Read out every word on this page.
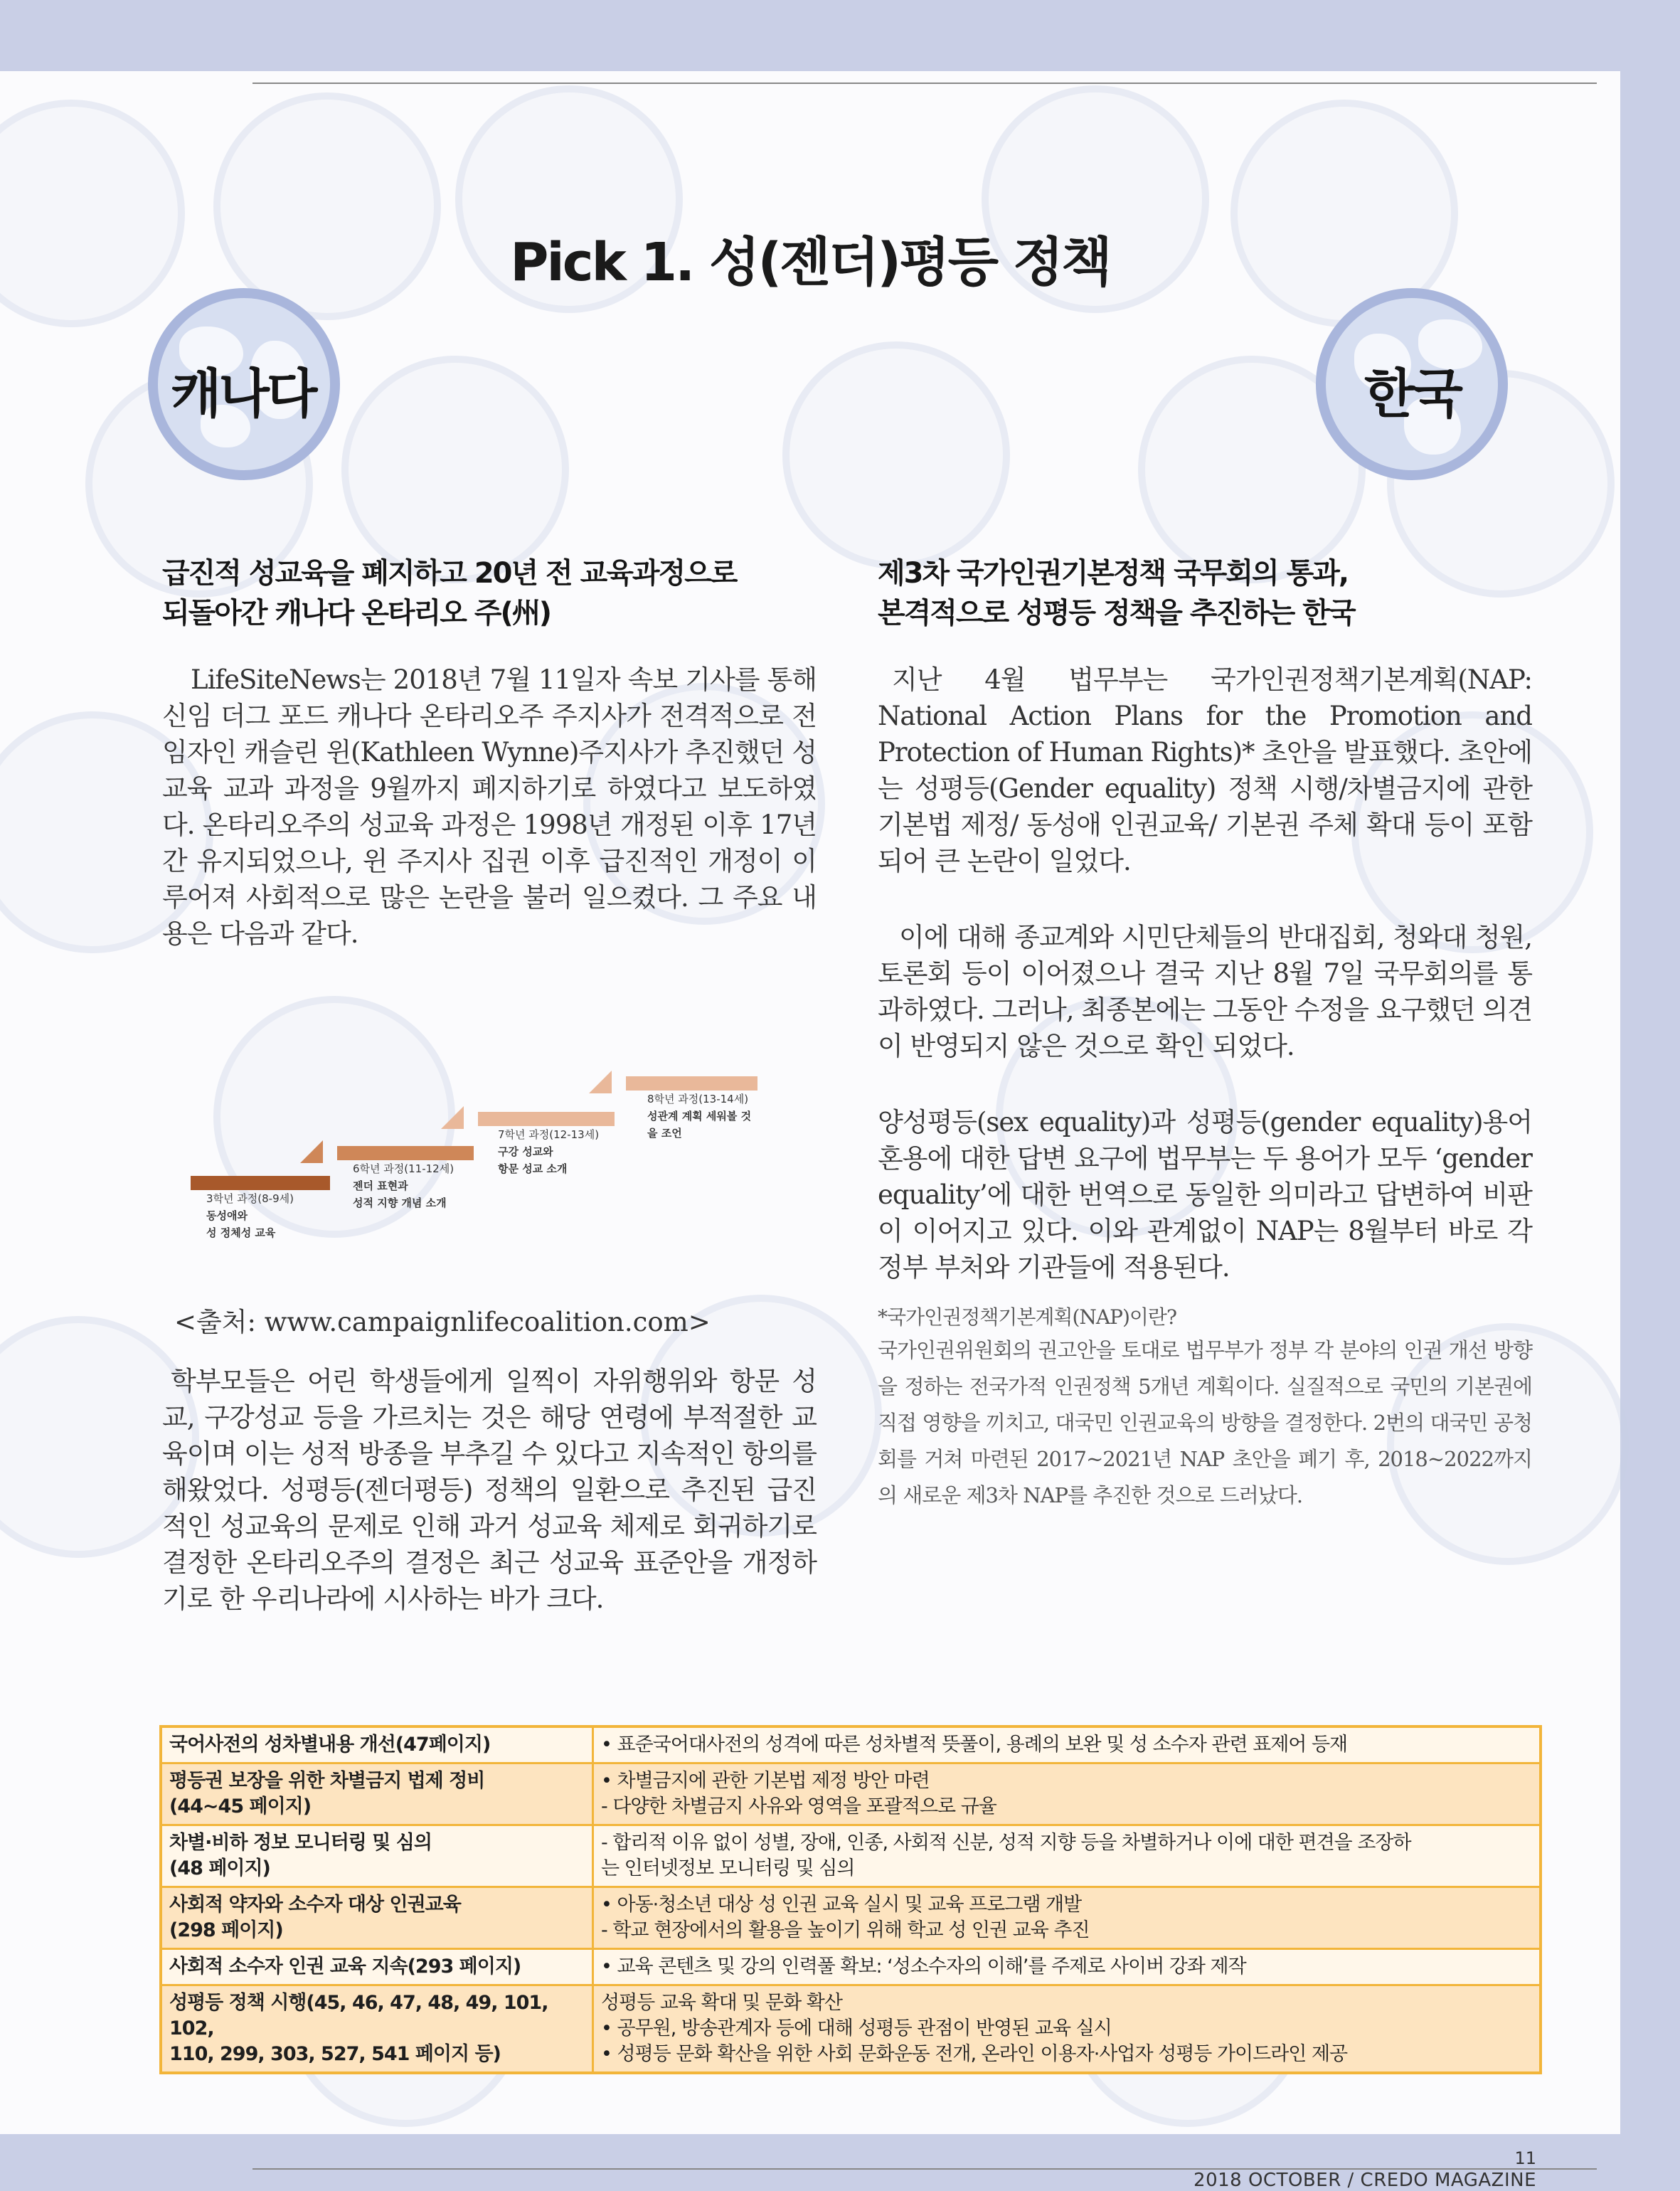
Pick 1. 성(젠더)평등 정책
캐나다	한국
급진적 성교육을 폐지하고 20년 전 교육과정으로
되돌아간 캐나다 온타리오 주(州)

LifeSiteNews는 2018년 7월 11일자 속보 기사를 통해 신임 더그 포드 캐나다 온타리오주 주지사가 전격적으로 전임자인 캐슬린 윈(Kathleen Wynne)주지사가 추진했던 성교육 교과 과정을 9월까지 폐지하기로 하였다고 보도하였다. 온타리오주의 성교육 과정은 1998년 개정된 이후 17년간 유지되었으나, 윈 주지사 집권 이후 급진적인 개정이 이루어져 사회적으로 많은 논란을 불러 일으켰다. 그 주요 내용은 다음과 같다.

8학년 과정(13-14세)
성관계 계획 세워볼 것
을 조언
7학년 과정(12-13세)
구강 성교와
항문 성교 소개
6학년 과정(11-12세)
젠더 표현과
성적 지향 개념 소개
3학년 과정(8-9세)
동성애와
성 정체성 교육
<출처: www.campaignlifecoalition.com>

학부모들은 어린 학생들에게 일찍이 자위행위와 항문 성교, 구강성교 등을 가르치는 것은 해당 연령에 부적절한 교육이며 이는 성적 방종을 부추길 수 있다고 지속적인 항의를 해왔었다. 성평등(젠더평등) 정책의 일환으로 추진된 급진적인 성교육의 문제로 인해 과거 성교육 체제로 회귀하기로 결정한 온타리오주의 결정은 최근 성교육 표준안을 개정하기로 한 우리나라에 시사하는 바가 크다.

제3차 국가인권기본정책 국무회의 통과,
본격적으로 성평등 정책을 추진하는 한국

지난 4월 법무부는 국가인권정책기본계획(NAP: National Action Plans for the Promotion and Protection of Human Rights)* 초안을 발표했다. 초안에는 성평등(Gender equality) 정책 시행/차별금지에 관한 기본법 제정/ 동성애 인권교육/ 기본권 주체 확대 등이 포함되어 큰 논란이 일었다.

이에 대해 종교계와 시민단체들의 반대집회, 청와대 청원, 토론회 등이 이어졌으나 결국 지난 8월 7일 국무회의를 통과하였다. 그러나, 최종본에는 그동안 수정을 요구했던 의견이 반영되지 않은 것으로 확인 되었다.

양성평등(sex equality)과 성평등(gender equality)용어 혼용에 대한 답변 요구에 법무부는 두 용어가 모두 ‘gender equality’에 대한 번역으로 동일한 의미라고 답변하여 비판이 이어지고 있다. 이와 관계없이 NAP는 8월부터 바로 각 정부 부처와 기관들에 적용된다.

*국가인권정책기본계획(NAP)이란?
국가인권위원회의 권고안을 토대로 법무부가 정부 각 분야의 인권 개선 방향을 정하는 전국가적 인권정책 5개년 계획이다. 실질적으로 국민의 기본권에 직접 영향을 끼치고, 대국민 인권교육의 방향을 결정한다. 2번의 대국민 공청회를 거쳐 마련된 2017~2021년 NAP 초안을 폐기 후, 2018~2022까지의 새로운 제3차 NAP를 추진한 것으로 드러났다.
국어사전의 성차별내용 개선(47페이지)	• 표준국어대사전의 성격에 따른 성차별적 뜻풀이, 용례의 보완 및 성 소수자 관련 표제어 등재

평등권 보장을 위한 차별금지 법제 정비
(44~45 페이지)	• 차별금지에 관한 기본법 제정 방안 마련
- 다양한 차별금지 사유와 영역을 포괄적으로 규율

차별·비하 정보 모니터링 및 심의
(48 페이지)	- 합리적 이유 없이 성별, 장애, 인종, 사회적 신분, 성적 지향 등을 차별하거나 이에 대한 편견을 조장하
는 인터넷정보 모니터링 및 심의

사회적 약자와 소수자 대상 인권교육
(298 페이지)	• 아동·청소년 대상 성 인권 교육 실시 및 교육 프로그램 개발
- 학교 현장에서의 활용을 높이기 위해 학교 성 인권 교육 추진

사회적 소수자 인권 교육 지속(293 페이지)	• 교육 콘텐츠 및 강의 인력풀 확보: ‘성소수자의 이해’를 주제로 사이버 강좌 제작

성평등 정책 시행(45, 46, 47, 48, 49, 101, 102,
110, 299, 303, 527, 541 페이지 등)	성평등 교육 확대 및 문화 확산
• 공무원, 방송관계자 등에 대해 성평등 관점이 반영된 교육 실시
• 성평등 문화 확산을 위한 사회 문화운동 전개, 온라인 이용자·사업자 성평등 가이드라인 제공
11
2018 OCTOBER / CREDO MAGAZINE
